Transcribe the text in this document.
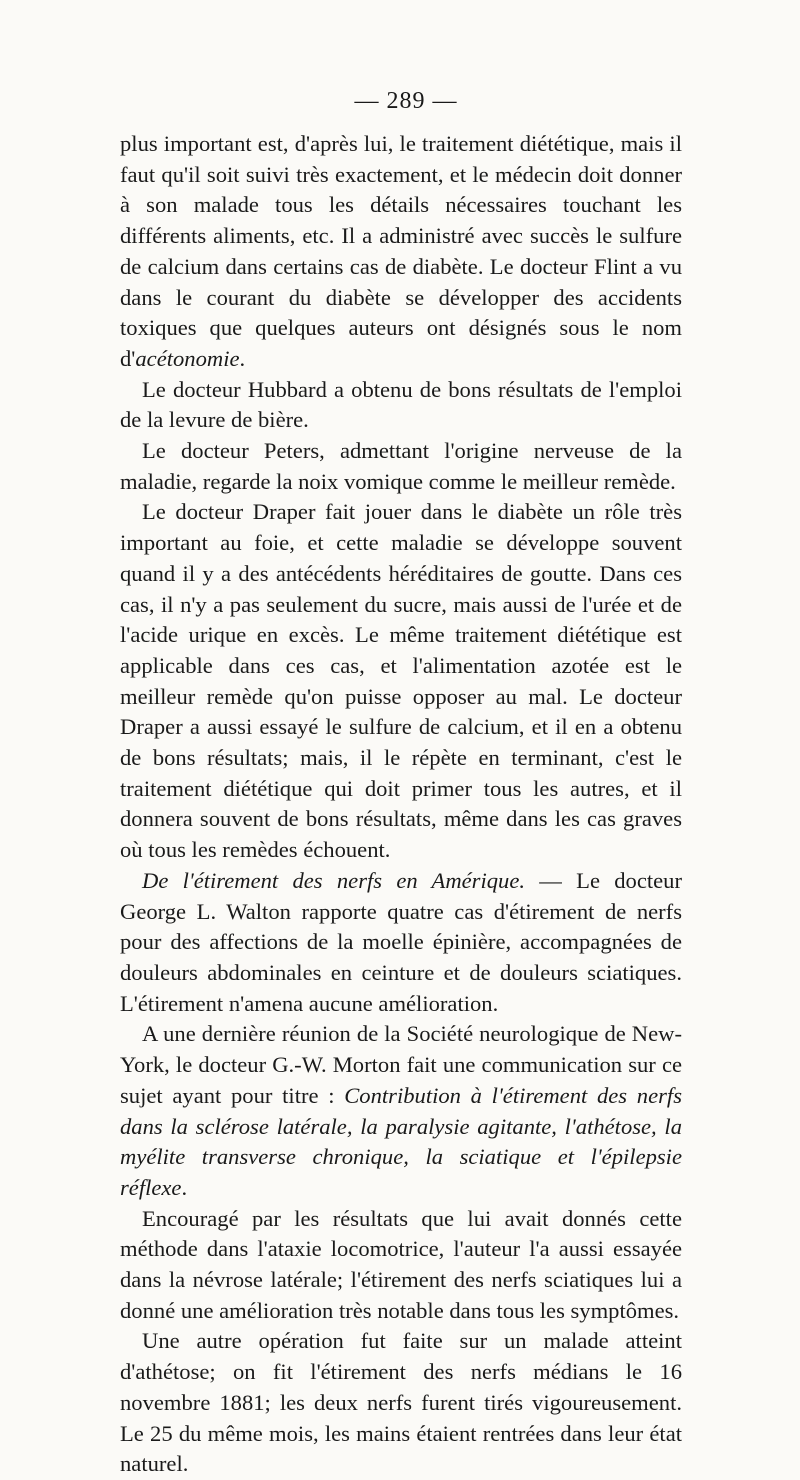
— 289 —

plus important est, d'après lui, le traitement diététique, mais il faut qu'il soit suivi très exactement, et le médecin doit donner à son malade tous les détails nécessaires touchant les différents aliments, etc. Il a administré avec succès le sulfure de calcium dans certains cas de diabète. Le docteur Flint a vu dans le courant du diabète se développer des accidents toxiques que quelques auteurs ont désignés sous le nom d'acétonomie.

Le docteur Hubbard a obtenu de bons résultats de l'emploi de la levure de bière.

Le docteur Peters, admettant l'origine nerveuse de la maladie, regarde la noix vomique comme le meilleur remède.

Le docteur Draper fait jouer dans le diabète un rôle très important au foie, et cette maladie se développe souvent quand il y a des antécédents héréditaires de goutte. Dans ces cas, il n'y a pas seulement du sucre, mais aussi de l'urée et de l'acide urique en excès. Le même traitement diététique est applicable dans ces cas, et l'alimentation azotée est le meilleur remède qu'on puisse opposer au mal. Le docteur Draper a aussi essayé le sulfure de calcium, et il en a obtenu de bons résultats; mais, il le répète en terminant, c'est le traitement diététique qui doit primer tous les autres, et il donnera souvent de bons résultats, même dans les cas graves où tous les remèdes échouent.

De l'étirement des nerfs en Amérique. — Le docteur George L. Walton rapporte quatre cas d'étirement de nerfs pour des affections de la moelle épinière, accompagnées de douleurs abdominales en ceinture et de douleurs sciatiques. L'étirement n'amena aucune amélioration.

A une dernière réunion de la Société neurologique de New-York, le docteur G.-W. Morton fait une communication sur ce sujet ayant pour titre : Contribution à l'étirement des nerfs dans la sclérose latérale, la paralysie agitante, l'athétose, la myélite transverse chronique, la sciatique et l'épilepsie réflexe.

Encouragé par les résultats que lui avait donnés cette méthode dans l'ataxie locomotrice, l'auteur l'a aussi essayée dans la névrose latérale; l'étirement des nerfs sciatiques lui a donné une amélioration très notable dans tous les symptômes.

Une autre opération fut faite sur un malade atteint d'athétose; on fit l'étirement des nerfs médians le 16 novembre 1881; les deux nerfs furent tirés vigoureusement. Le 25 du même mois, les mains étaient rentrées dans leur état naturel.
